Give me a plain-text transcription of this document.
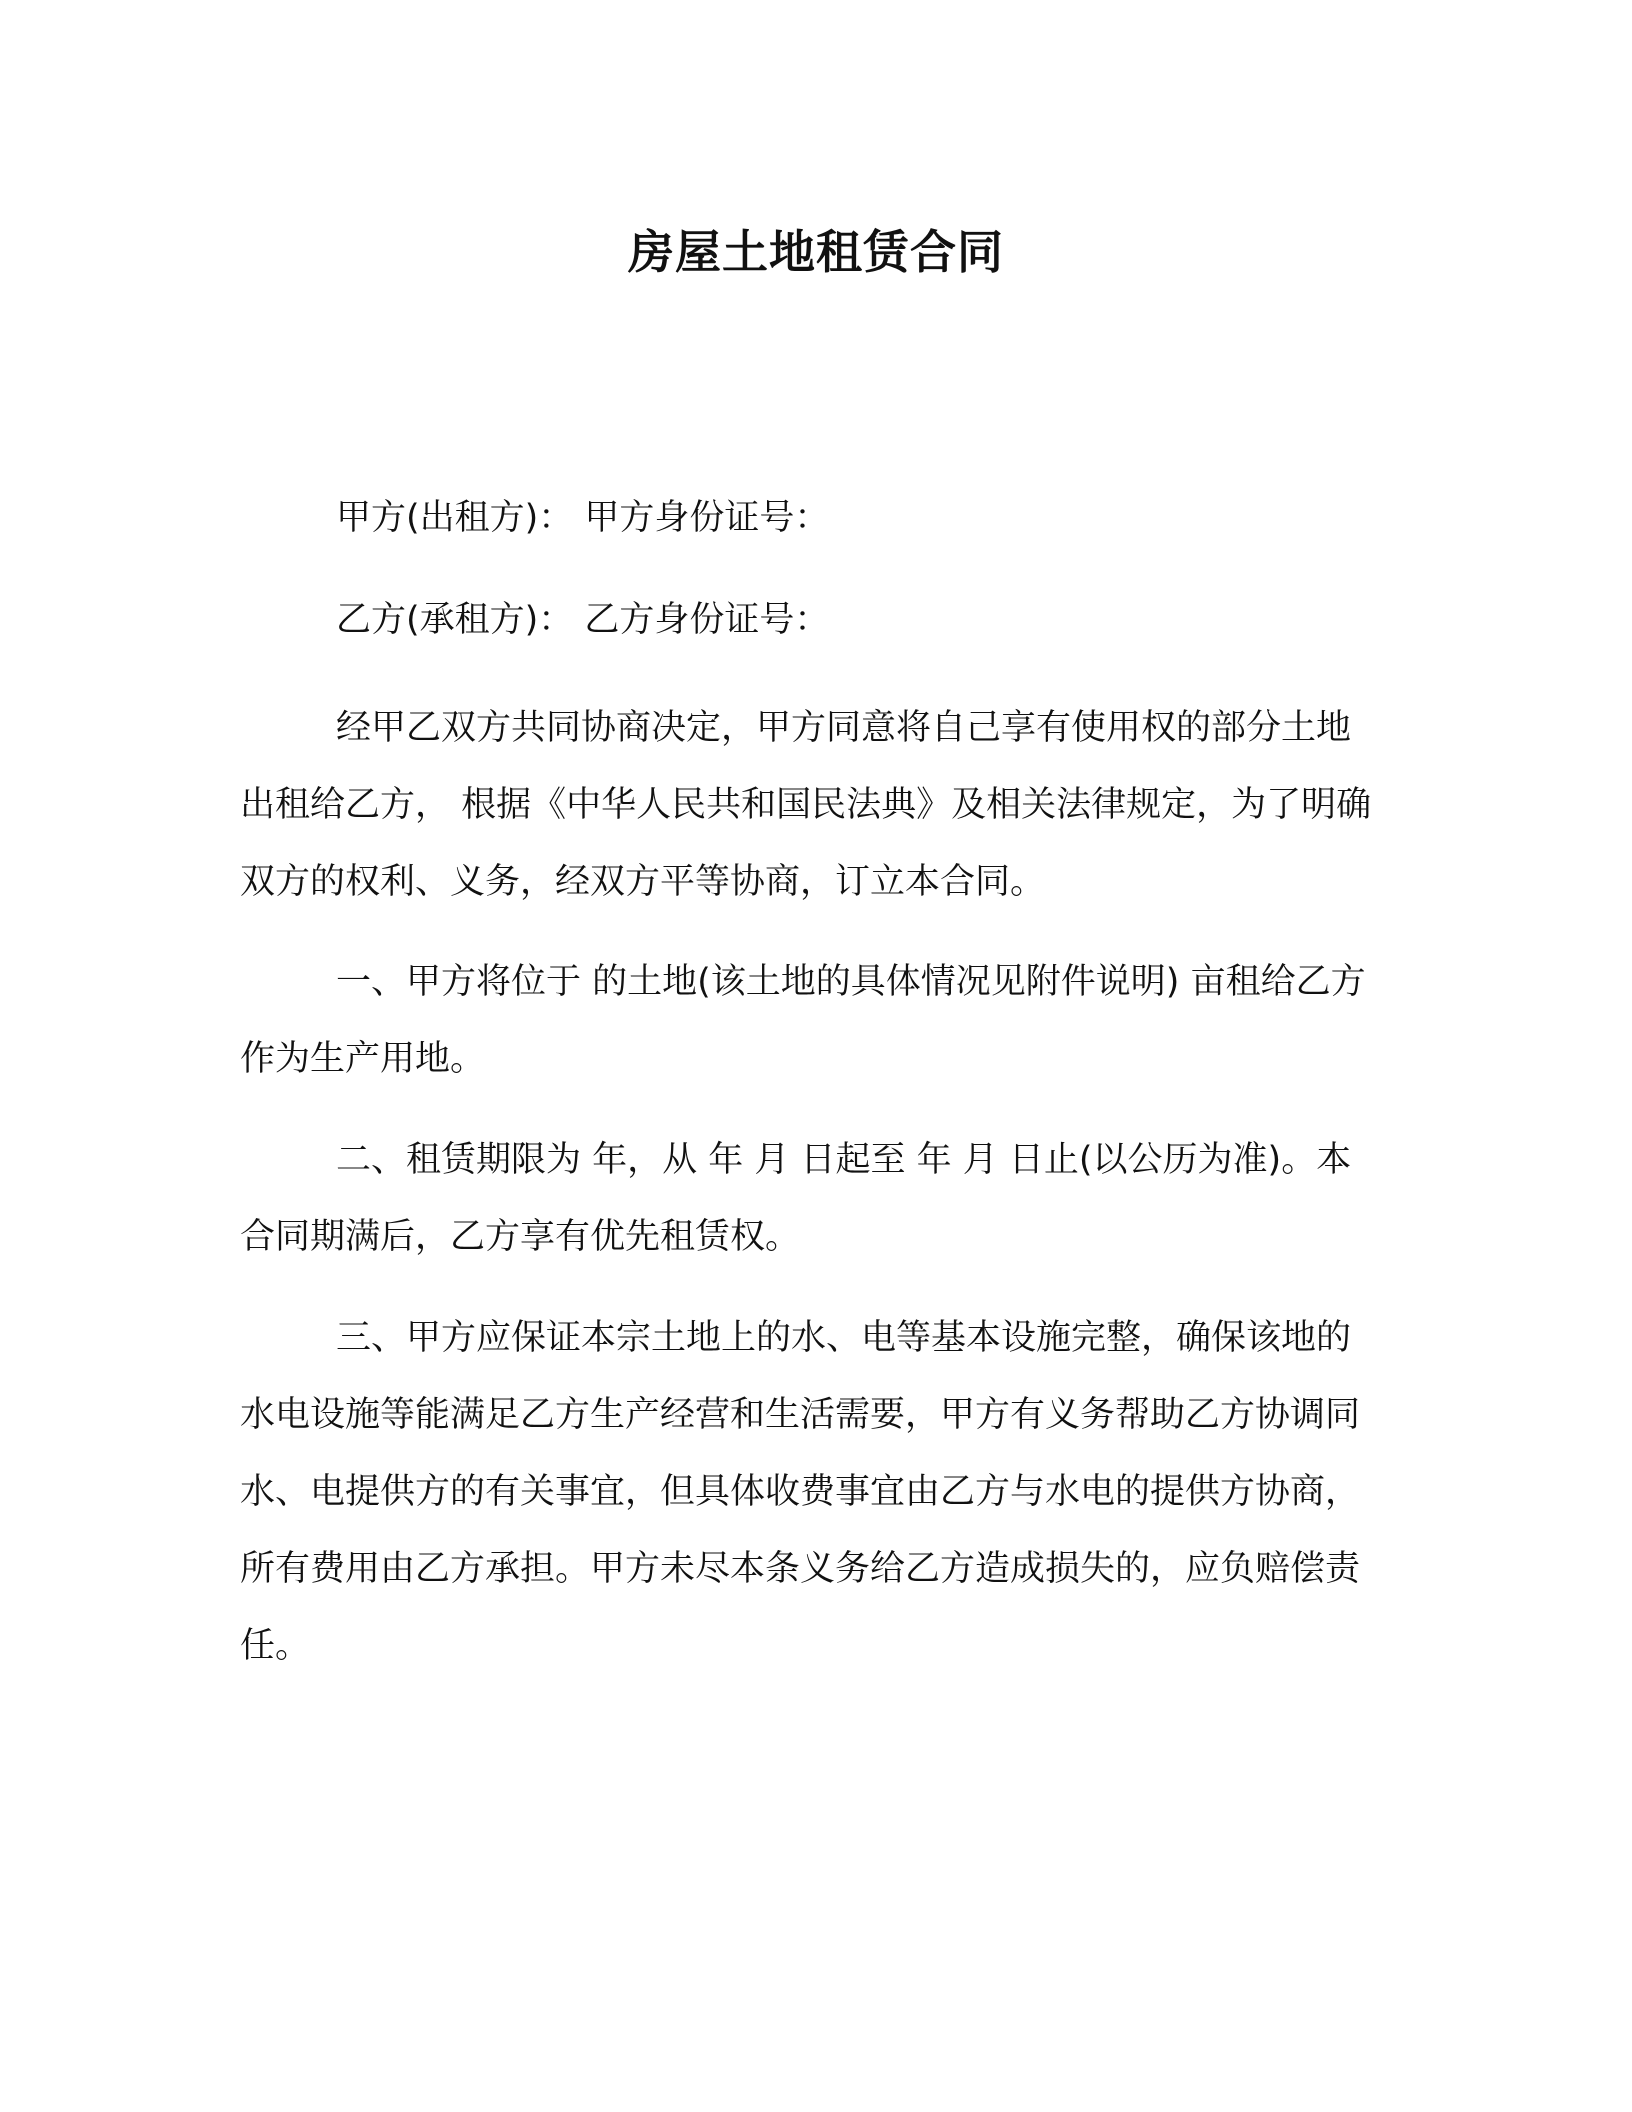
房屋土地租赁合同
甲方(出租方)： 甲方身份证号：
乙方(承租方)： 乙方身份证号：

经甲乙双方共同协商决定，甲方同意将自己享有使用权的部分土地出租给乙方， 根据《中华人民共和国民法典》及相关法律规定，为了明确双方的权利、义务，经双方平等协商，订立本合同。

一、甲方将位于 的土地(该土地的具体情况见附件说明) 亩租给乙方作为生产用地。

二、租赁期限为 年，从 年 月 日起至 年 月 日止(以公历为准)。本合同期满后，乙方享有优先租赁权。

三、甲方应保证本宗土地上的水、电等基本设施完整，确保该地的水电设施等能满足乙方生产经营和生活需要，甲方有义务帮助乙方协调同水、电提供方的有关事宜，但具体收费事宜由乙方与水电的提供方协商，所有费用由乙方承担。甲方未尽本条义务给乙方造成损失的，应负赔偿责任。
